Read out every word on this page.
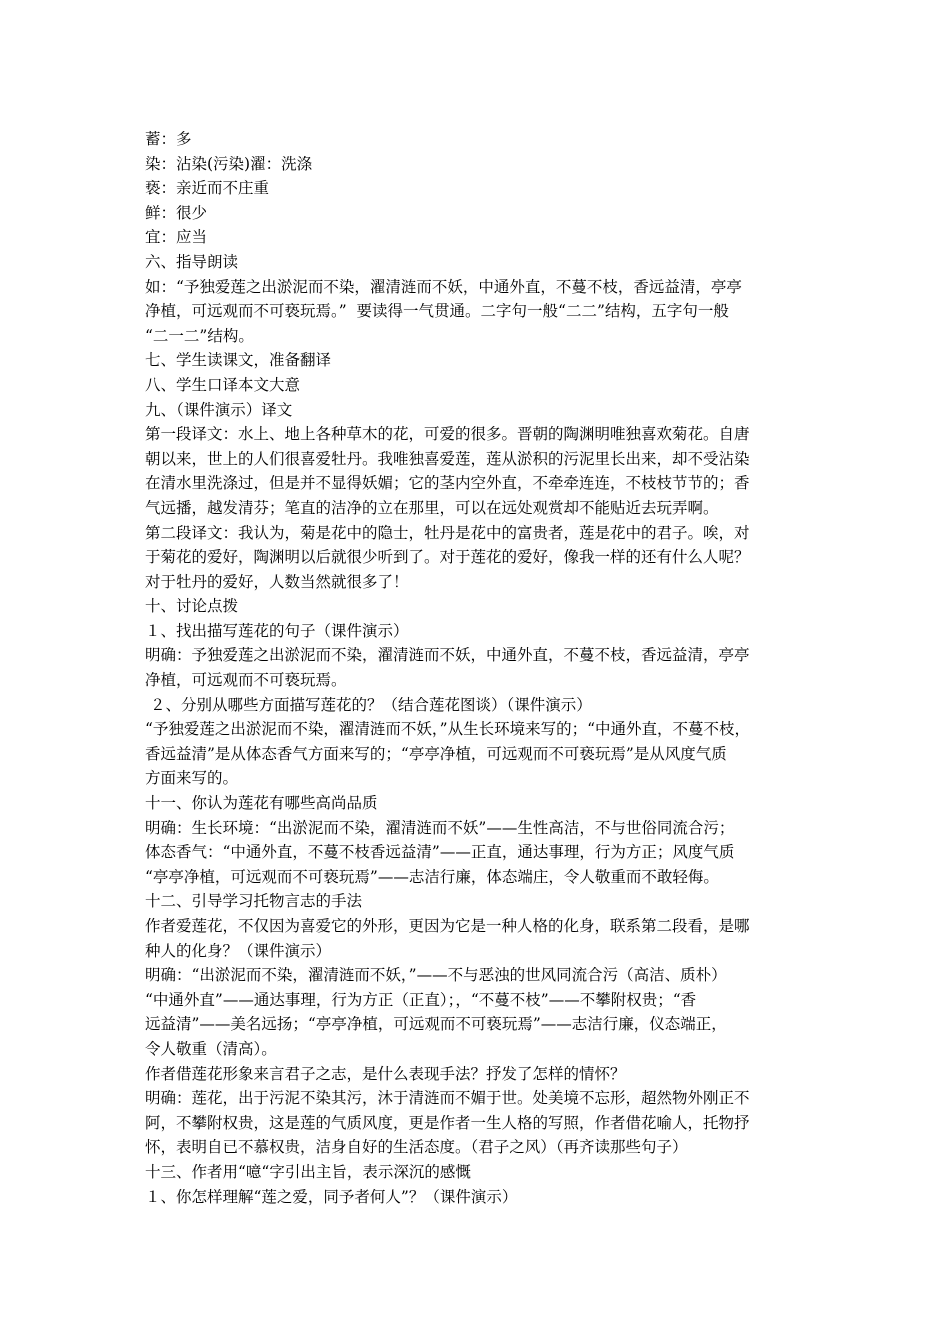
蓄：多
染：沾染(污染)濯：洗涤
亵：亲近而不庄重
鲜：很少
宜：应当
六、指导朗读
如：“予独爱莲之出淤泥而不染，濯清涟而不妖，中通外直，不蔓不枝，香远益清，亭亭
净植，可远观而不可亵玩焉。”  要读得一气贯通。二字句一般“二二”结构，五字句一般
“二一二”结构。
七、学生读课文，准备翻译
八、学生口译本文大意
九、（课件演示）译文
第一段译文：水上、地上各种草木的花，可爱的很多。晋朝的陶渊明唯独喜欢菊花。自唐
朝以来，世上的人们很喜爱牡丹。我唯独喜爱莲，莲从淤积的污泥里长出来，却不受沾染
在清水里洗涤过，但是并不显得妖媚；它的茎内空外直，不牵牵连连，不枝枝节节的；香
气远播，越发清芬；笔直的洁净的立在那里，可以在远处观赏却不能贴近去玩弄啊。
第二段译文：我认为，菊是花中的隐士，牡丹是花中的富贵者，莲是花中的君子。唉，对
于菊花的爱好，陶渊明以后就很少听到了。对于莲花的爱好，像我一样的还有什么人呢？
对于牡丹的爱好，人数当然就很多了！
十、讨论点拨
１、找出描写莲花的句子（课件演示）
明确：予独爱莲之出淤泥而不染，濯清涟而不妖，中通外直，不蔓不枝，香远益清，亭亭
净植，可远观而不可亵玩焉。
２、分别从哪些方面描写莲花的？（结合莲花图谈）（课件演示）
“予独爱莲之出淤泥而不染，濯清涟而不妖，”从生长环境来写的；“中通外直，不蔓不枝，
香远益清”是从体态香气方面来写的；“亭亭净植，可远观而不可亵玩焉”是从风度气质
方面来写的。
十一、你认为莲花有哪些高尚品质
明确：生长环境：“出淤泥而不染，濯清涟而不妖”——生性高洁，不与世俗同流合污；
体态香气：“中通外直，不蔓不枝香远益清”——正直，通达事理，行为方正；风度气质
“亭亭净植，可远观而不可亵玩焉”——志洁行廉，体态端庄，令人敬重而不敢轻侮。
十二、引导学习托物言志的手法
作者爱莲花，不仅因为喜爱它的外形，更因为它是一种人格的化身，联系第二段看，是哪
种人的化身？（课件演示）
明确：“出淤泥而不染，濯清涟而不妖，”——不与恶浊的世风同流合污（高洁、质朴）
“中通外直”——通达事理，行为方正（正直）；，“不蔓不枝”——不攀附权贵；“香
远益清”——美名远扬；“亭亭净植，可远观而不可亵玩焉”——志洁行廉，仪态端正，
令人敬重（清高）。
作者借莲花形象来言君子之志，是什么表现手法？抒发了怎样的情怀？
明确：莲花，出于污泥不染其污，沐于清涟而不媚于世。处美境不忘形，超然物外刚正不
阿，不攀附权贵，这是莲的气质风度，更是作者一生人格的写照，作者借花喻人，托物抒
怀，表明自已不慕权贵，洁身自好的生活态度。（君子之风）（再齐读那些句子）
十三、作者用“噫“字引出主旨，表示深沉的感慨
１、你怎样理解“莲之爱，同予者何人”？（课件演示）
